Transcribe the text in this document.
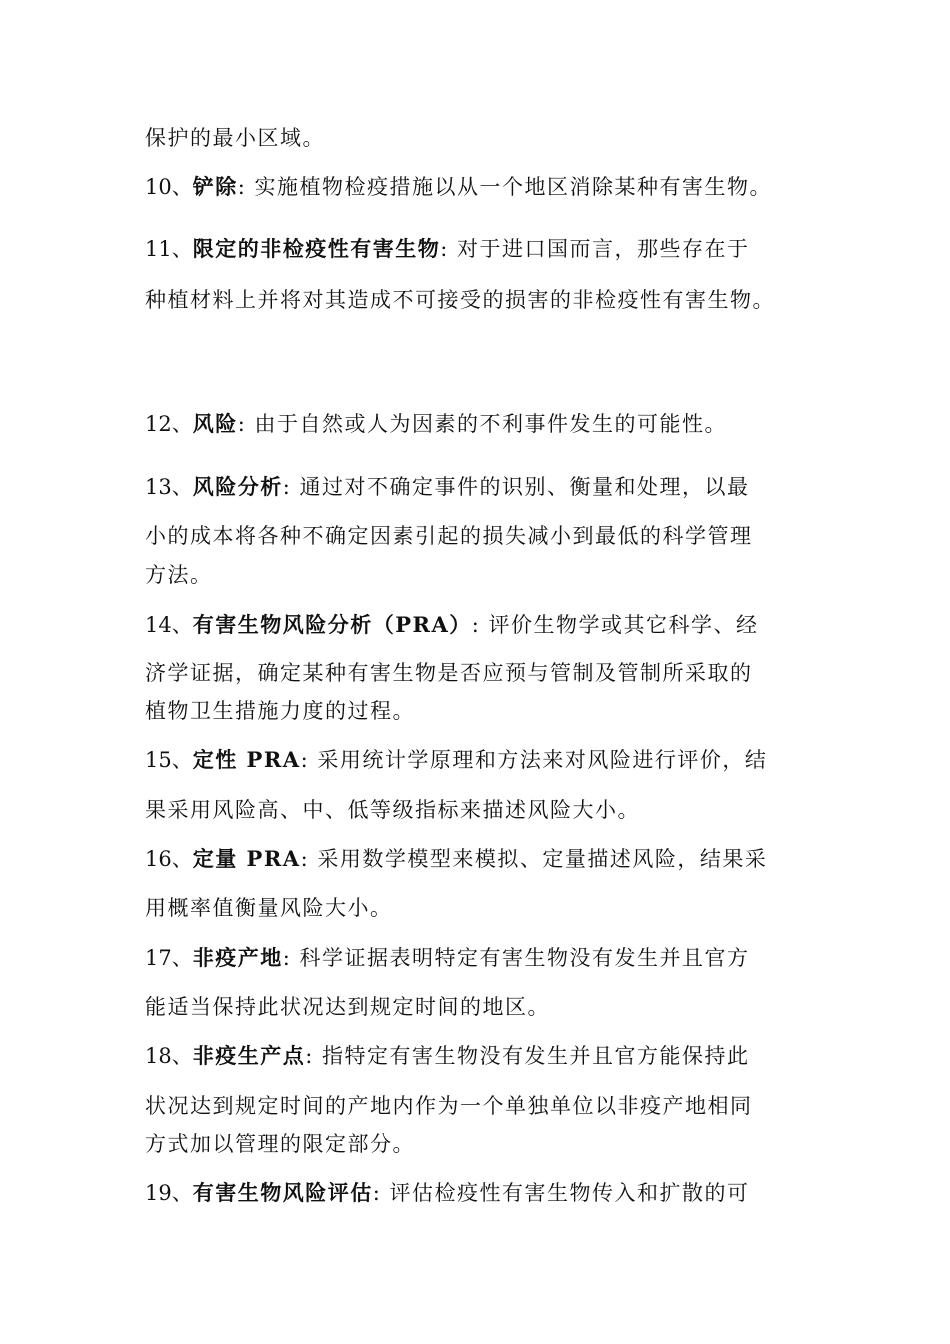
保护的最小区域。
10、铲除: 实施植物检疫措施以从一个地区消除某种有害生物。
11、限定的非检疫性有害生物: 对于进口国而言，那些存在于
种植材料上并将对其造成不可接受的损害的非检疫性有害生物。
12、风险: 由于自然或人为因素的不利事件发生的可能性。
13、风险分析: 通过对不确定事件的识别、衡量和处理，以最
小的成本将各种不确定因素引起的损失减小到最低的科学管理
方法。
14、有害生物风险分析（PRA）: 评价生物学或其它科学、经
济学证据，确定某种有害生物是否应预与管制及管制所采取的
植物卫生措施力度的过程。
15、定性 PRA: 采用统计学原理和方法来对风险进行评价，结
果采用风险高、中、低等级指标来描述风险大小。
16、定量 PRA: 采用数学模型来模拟、定量描述风险，结果采
用概率值衡量风险大小。
17、非疫产地: 科学证据表明特定有害生物没有发生并且官方
能适当保持此状况达到规定时间的地区。
18、非疫生产点: 指特定有害生物没有发生并且官方能保持此
状况达到规定时间的产地内作为一个单独单位以非疫产地相同
方式加以管理的限定部分。
19、有害生物风险评估: 评估检疫性有害生物传入和扩散的可
